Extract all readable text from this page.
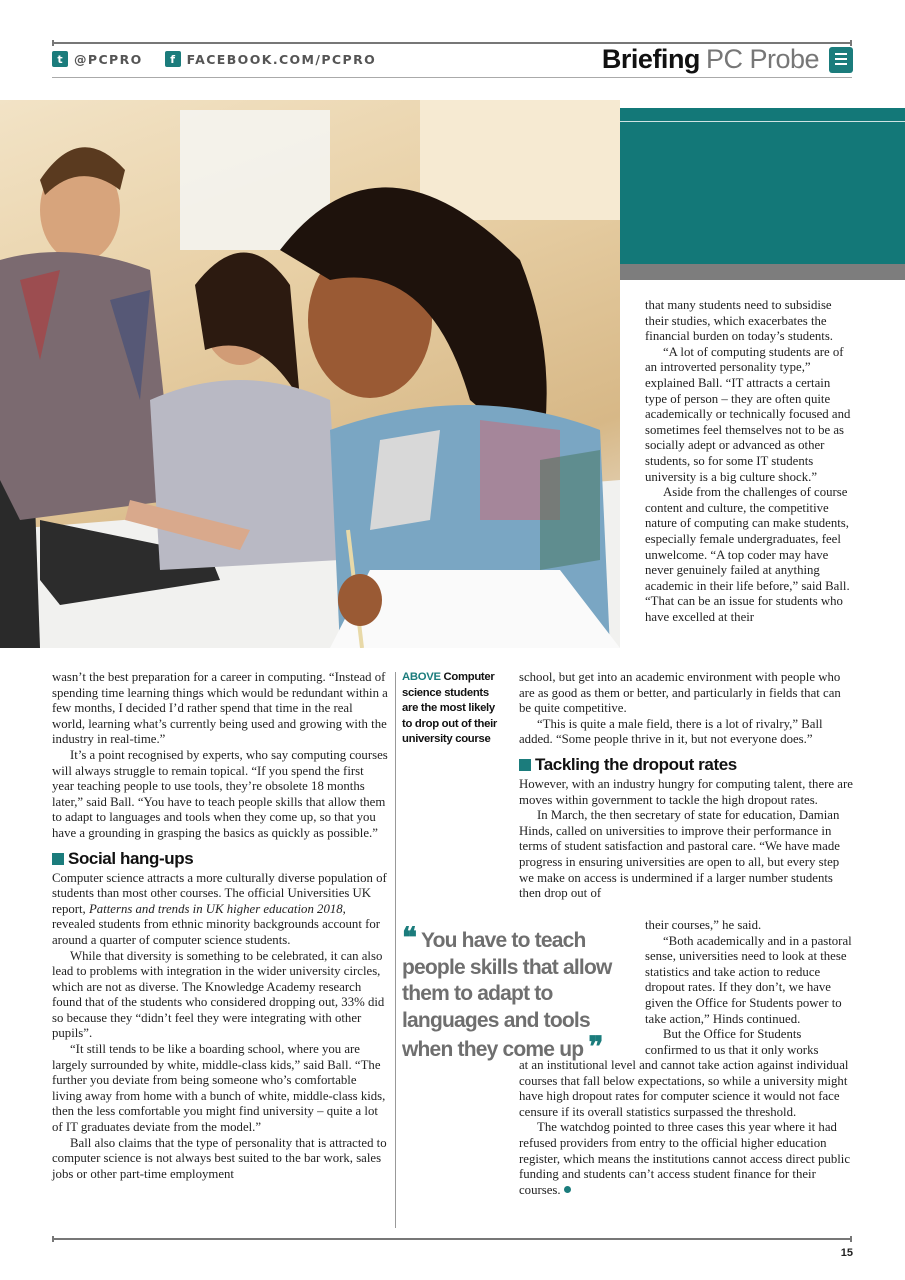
t @PCPRO	f FACEBOOK.COM/PCPRO	Briefing PC Probe

that many students need to subsidise their studies, which exacerbates the financial burden on today’s students.

“A lot of computing students are of an introverted personality type,” explained Ball. “IT attracts a certain type of person – they are often quite academically or technically focused and sometimes feel themselves not to be as socially adept or advanced as other students, so for some IT students university is a big culture shock.”

Aside from the challenges of course content and culture, the competitive nature of computing can make students, especially female undergraduates, feel unwelcome. “A top coder may have never genuinely failed at anything academic in their life before,” said Ball. “That can be an issue for students who have excelled at their

wasn’t the best preparation for a career in computing. “Instead of spending time learning things which would be redundant within a few months, I decided I’d rather spend that time in the real world, learning what’s currently being used and growing with the industry in real-time.”

It’s a point recognised by experts, who say computing courses will always struggle to remain topical. “If you spend the first year teaching people to use tools, they’re obsolete 18 months later,” said Ball. “You have to teach people skills that allow them to adapt to languages and tools when they come up, so that you have a grounding in grasping the basics as quickly as possible.”

Social hang-ups

Computer science attracts a more culturally diverse population of students than most other courses. The official Universities UK report, Patterns and trends in UK higher education 2018, revealed students from ethnic minority backgrounds account for around a quarter of computer science students.

While that diversity is something to be celebrated, it can also lead to problems with integration in the wider university circles, which are not as diverse. The Knowledge Academy research found that of the students who considered dropping out, 33% did so because they “didn’t feel they were integrating with other pupils”.

“It still tends to be like a boarding school, where you are largely surrounded by white, middle-class kids,” said Ball. “The further you deviate from being someone who’s comfortable living away from home with a bunch of white, middle-class kids, then the less comfortable you might find university – quite a lot of IT graduates deviate from the model.”

Ball also claims that the type of personality that is attracted to computer science is not always best suited to the bar work, sales jobs or other part-time employment

ABOVE Computer science students are the most likely to drop out of their university course

school, but get into an academic environment with people who are as good as them or better, and particularly in fields that can be quite competitive.

“This is quite a male field, there is a lot of rivalry,” Ball added. “Some people thrive in it, but not everyone does.”

Tackling the dropout rates

However, with an industry hungry for computing talent, there are moves within government to tackle the high dropout rates.

In March, the then secretary of state for education, Damian Hinds, called on universities to improve their performance in terms of student satisfaction and pastoral care. “We have made progress in ensuring universities are open to all, but every step we make on access is undermined if a larger number students then drop out of

❝ You have to teach people skills that allow them to adapt to languages and tools when they come up ❞

their courses,” he said.

“Both academically and in a pastoral sense, universities need to look at these statistics and take action to reduce dropout rates. If they don’t, we have given the Office for Students power to take action,” Hinds continued.

But the Office for Students confirmed to us that it only works

at an institutional level and cannot take action against individual courses that fall below expectations, so while a university might have high dropout rates for computer science it would not face censure if its overall statistics surpassed the threshold.

The watchdog pointed to three cases this year where it had refused providers from entry to the official higher education register, which means the institutions cannot access direct public funding and students can’t access student finance for their courses.

15
